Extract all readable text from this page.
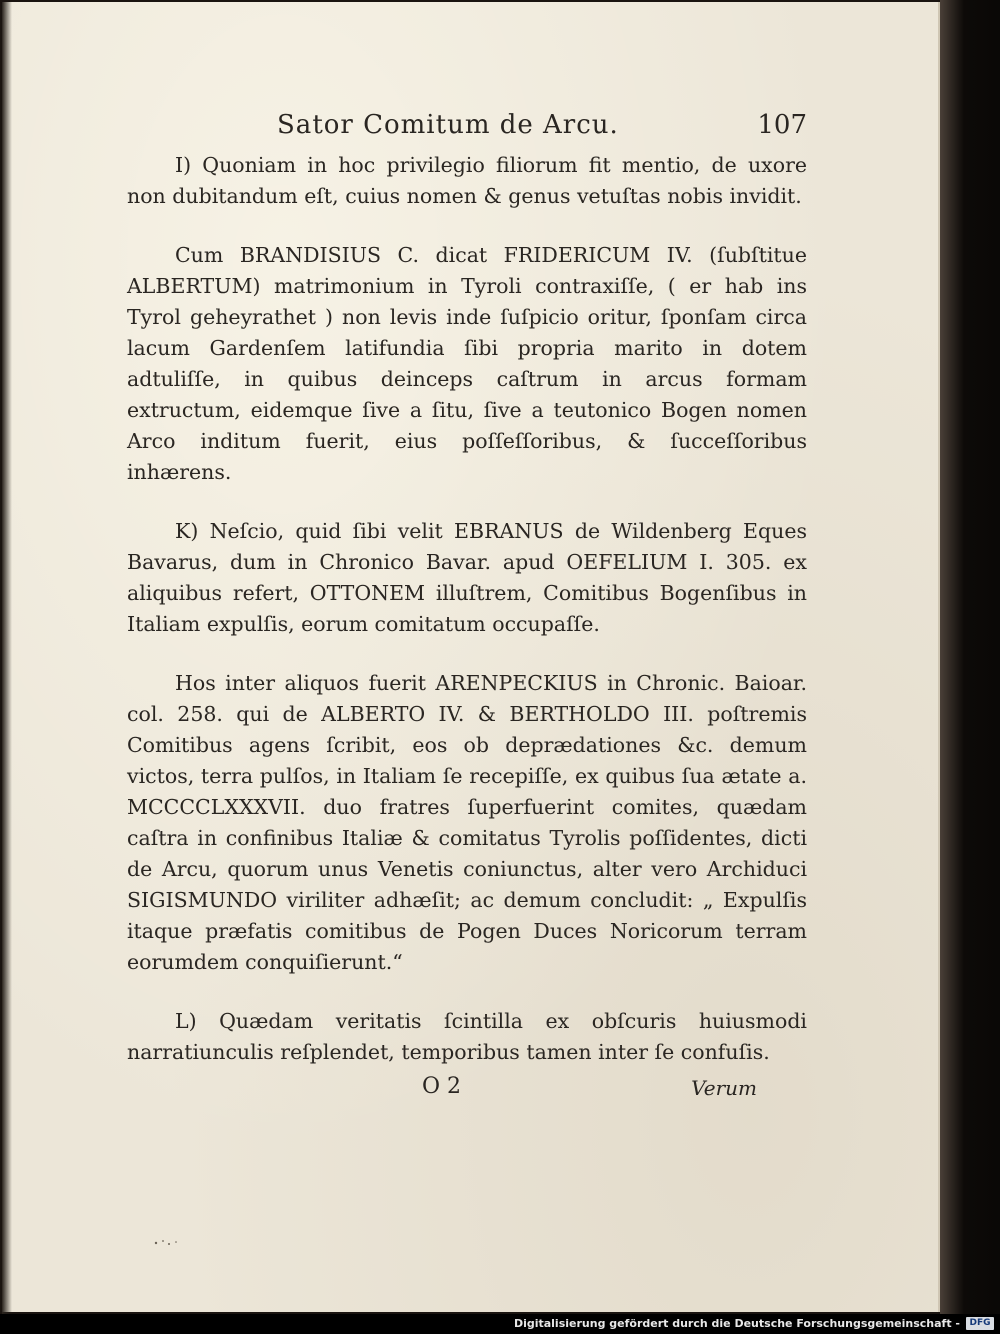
Sator Comitum de Arcu.	107

I) Quoniam in hoc privilegio filiorum fit mentio, de uxore non dubitandum eſt, cuius nomen & genus vetuſtas nobis invidit.

Cum BRANDISIUS C. dicat FRIDERICUM IV. (ſubſtitue ALBERTUM) matrimonium in Tyroli contraxiſſe, ( er hab ins Tyrol geheyrathet ) non levis inde ſuſpicio oritur, ſponſam circa lacum Gardenſem latifundia ſibi propria marito in dotem adtuliſſe, in quibus deinceps caſtrum in arcus formam extructum, eidemque ſive a ſitu, ſive a teutonico Bogen nomen Arco inditum fuerit, eius poſſeſſoribus, & ſucceſſoribus inhærens.

K) Neſcio, quid ſibi velit EBRANUS de Wildenberg Eques Bavarus, dum in Chronico Bavar. apud OEFELIUM I. 305. ex aliquibus refert, OTTONEM illuſtrem, Comitibus Bogenſibus in Italiam expulſis, eorum comitatum occupaſſe.

Hos inter aliquos fuerit ARENPECKIUS in Chronic. Baioar. col. 258. qui de ALBERTO IV. & BERTHOLDO III. poſtremis Comitibus agens ſcribit, eos ob deprædationes &c. demum victos, terra pulſos, in Italiam ſe recepiſſe, ex quibus ſua ætate a. MCCCCLXXXVII. duo fratres ſuperfuerint comites, quædam caſtra in confinibus Italiæ & comitatus Tyrolis poſſidentes, dicti de Arcu, quorum unus Venetis coniunctus, alter vero Archiduci SIGISMUNDO viriliter adhæſit; ac demum concludit: „ Expulſis itaque præfatis comitibus de Pogen Duces Noricorum terram eorumdem conquiſierunt.“

L) Quædam veritatis ſcintilla ex obſcuris huiusmodi narratiunculis reſplendet, temporibus tamen inter ſe confuſis.

O 2	Verum
Digitalisierung gefördert durch die Deutsche Forschungsgemeinschaft -	DFG
